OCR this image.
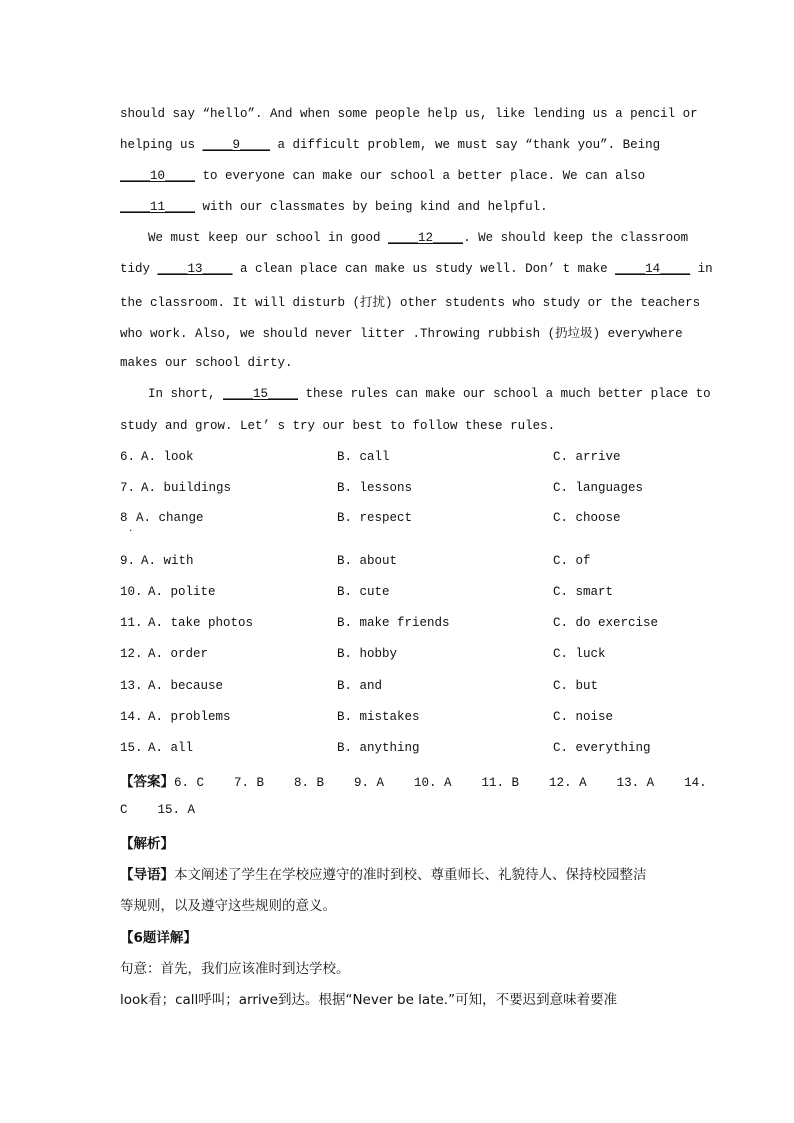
should say “hello”. And when some people help us, like lending us a pencil or
helping us ____9____ a difficult problem, we must say “thank you”. Being
____10____ to everyone can make our school a better place. We can also
____11____ with our classmates by being kind and helpful.
We must keep our school in good ____12____. We should keep the classroom
tidy ____13____ a clean place can make us study well. Don’ t make ____14____ in
the classroom. It will disturb (打扰) other students who study or the teachers
who work. Also, we should never litter .Throwing rubbish (扔垃圾) everywhere
makes our school dirty.
In short, ____15____ these rules can make our school a much better place to
study and grow. Let’ s try our best to follow these rules.
6. A. look	B. call	C. arrive
7. A. buildings	B. lessons	C. languages
8
·
A. change	B. respect	C. choose
9. A. with	B. about	C. of
10. A. polite	B. cute	C. smart
11. A. take photos	B. make friends	C. do exercise
12. A. order	B. hobby	C. luck
13. A. because	B. and	C. but
14. A. problems	B. mistakes	C. noise
15. A. all	B. anything	C. everything
【答案】6. C    7. B    8. B    9. A    10. A    11. B    12. A    13. A    14.
C    15. A
【解析】
【导语】本文阐述了学生在学校应遵守的准时到校、尊重师长、礼貌待人、保持校园整洁
等规则，以及遵守这些规则的意义。
【6题详解】
句意：首先，我们应该准时到达学校。
look看；call呼叫；arrive到达。根据“Never be late.”可知，不要迟到意味着要准
